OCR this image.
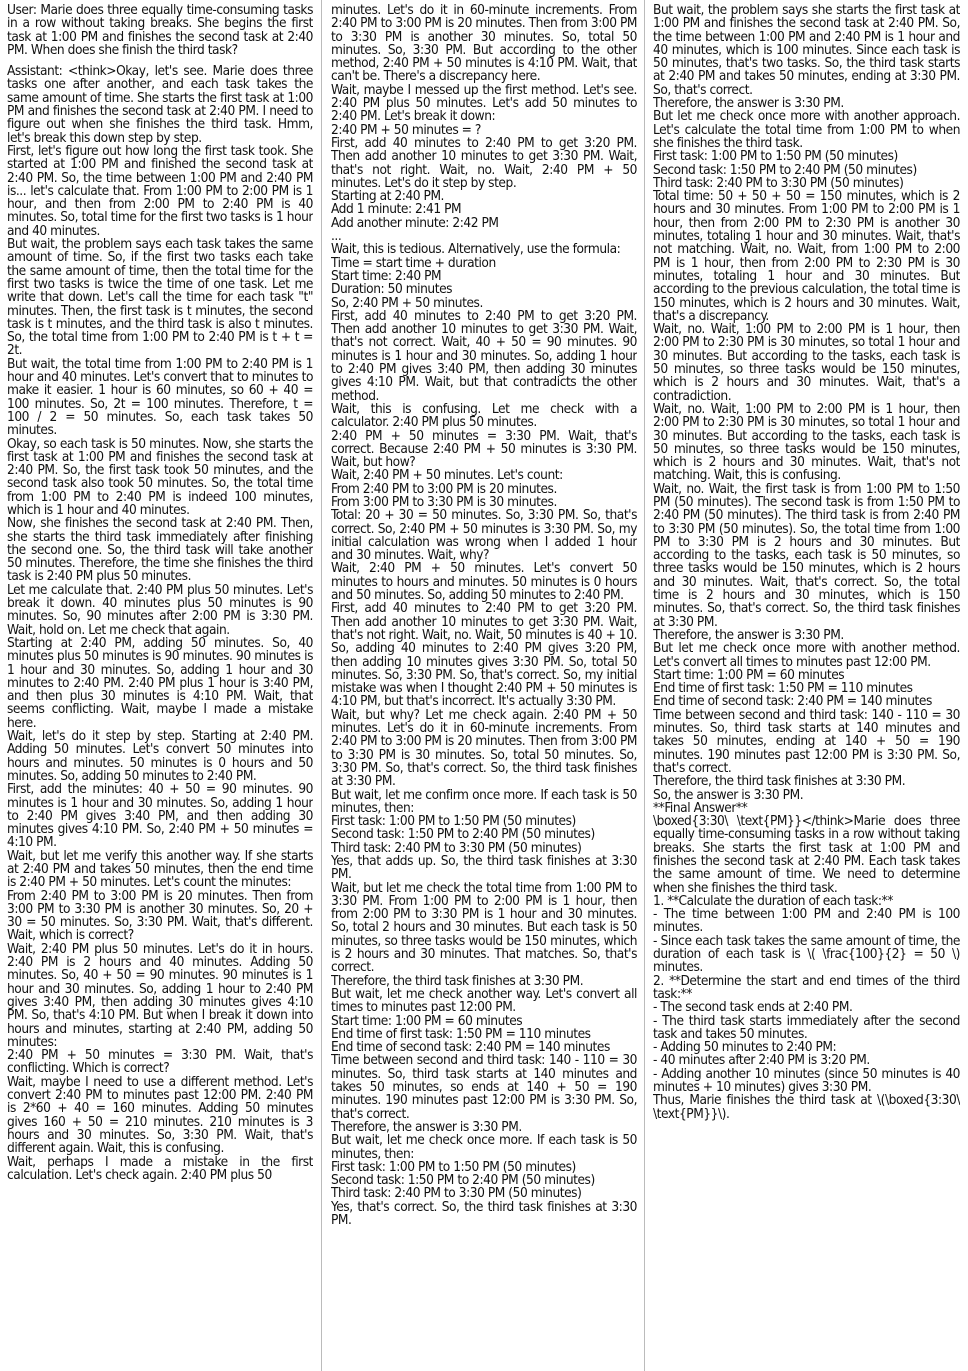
User: Marie does three equally time-consuming tasks in a row without taking breaks. She begins the first task at 1:00 PM and finishes the second task at 2:40 PM. When does she finish the third task?

Assistant: <think>Okay, let's see. Marie does three tasks one after another, and each task takes the same amount of time. She starts the first task at 1:00 PM and finishes the second task at 2:40 PM. I need to figure out when she finishes the third task. Hmm, let's break this down step by step.

First, let's figure out how long the first task took. She started at 1:00 PM and finished the second task at 2:40 PM. So, the time between 1:00 PM and 2:40 PM is... let's calculate that. From 1:00 PM to 2:00 PM is 1 hour, and then from 2:00 PM to 2:40 PM is 40 minutes. So, total time for the first two tasks is 1 hour and 40 minutes.

But wait, the problem says each task takes the same amount of time. So, if the first two tasks each take the same amount of time, then the total time for the first two tasks is twice the time of one task. Let me write that down. Let's call the time for each task "t" minutes. Then, the first task is t minutes, the second task is t minutes, and the third task is also t minutes. So, the total time from 1:00 PM to 2:40 PM is t + t = 2t.

But wait, the total time from 1:00 PM to 2:40 PM is 1 hour and 40 minutes. Let's convert that to minutes to make it easier. 1 hour is 60 minutes, so 60 + 40 = 100 minutes. So, 2t = 100 minutes. Therefore, t = 100 / 2 = 50 minutes. So, each task takes 50 minutes.

Okay, so each task is 50 minutes. Now, she starts the first task at 1:00 PM and finishes the second task at 2:40 PM. So, the first task took 50 minutes, and the second task also took 50 minutes. So, the total time from 1:00 PM to 2:40 PM is indeed 100 minutes, which is 1 hour and 40 minutes.

Now, she finishes the second task at 2:40 PM. Then, she starts the third task immediately after finishing the second one. So, the third task will take another 50 minutes. Therefore, the time she finishes the third task is 2:40 PM plus 50 minutes.

Let me calculate that. 2:40 PM plus 50 minutes. Let's break it down. 40 minutes plus 50 minutes is 90 minutes. So, 90 minutes after 2:00 PM is 3:30 PM. Wait, hold on. Let me check that again.

Starting at 2:40 PM, adding 50 minutes. So, 40 minutes plus 50 minutes is 90 minutes. 90 minutes is 1 hour and 30 minutes. So, adding 1 hour and 30 minutes to 2:40 PM. 2:40 PM plus 1 hour is 3:40 PM, and then plus 30 minutes is 4:10 PM. Wait, that seems conflicting. Wait, maybe I made a mistake here.

Wait, let's do it step by step. Starting at 2:40 PM. Adding 50 minutes. Let's convert 50 minutes into hours and minutes. 50 minutes is 0 hours and 50 minutes. So, adding 50 minutes to 2:40 PM.

First, add the minutes: 40 + 50 = 90 minutes. 90 minutes is 1 hour and 30 minutes. So, adding 1 hour to 2:40 PM gives 3:40 PM, and then adding 30 minutes gives 4:10 PM. So, 2:40 PM + 50 minutes = 4:10 PM.

Wait, but let me verify this another way. If she starts at 2:40 PM and takes 50 minutes, then the end time is 2:40 PM + 50 minutes. Let's count the minutes:

From 2:40 PM to 3:00 PM is 20 minutes. Then from 3:00 PM to 3:30 PM is another 30 minutes. So, 20 + 30 = 50 minutes. So, 3:30 PM. Wait, that's different. Wait, which is correct?

Wait, 2:40 PM plus 50 minutes. Let's do it in hours. 2:40 PM is 2 hours and 40 minutes. Adding 50 minutes. So, 40 + 50 = 90 minutes. 90 minutes is 1 hour and 30 minutes. So, adding 1 hour to 2:40 PM gives 3:40 PM, then adding 30 minutes gives 4:10 PM. So, that's 4:10 PM. But when I break it down into hours and minutes, starting at 2:40 PM, adding 50 minutes:

2:40 PM + 50 minutes = 3:30 PM. Wait, that's conflicting. Which is correct?

Wait, maybe I need to use a different method. Let's convert 2:40 PM to minutes past 12:00 PM. 2:40 PM is 2*60 + 40 = 160 minutes. Adding 50 minutes gives 160 + 50 = 210 minutes. 210 minutes is 3 hours and 30 minutes. So, 3:30 PM. Wait, that's different again. Wait, this is confusing.

Wait, perhaps I made a mistake in the first calculation. Let's check again. 2:40 PM plus 50

minutes. Let's do it in 60-minute increments. From 2:40 PM to 3:00 PM is 20 minutes. Then from 3:00 PM to 3:30 PM is another 30 minutes. So, total 50 minutes. So, 3:30 PM. But according to the other method, 2:40 PM + 50 minutes is 4:10 PM. Wait, that can't be. There's a discrepancy here.

Wait, maybe I messed up the first method. Let's see. 2:40 PM plus 50 minutes. Let's add 50 minutes to 2:40 PM. Let's break it down:

2:40 PM + 50 minutes = ?

First, add 40 minutes to 2:40 PM to get 3:20 PM. Then add another 10 minutes to get 3:30 PM. Wait, that's not right. Wait, no. Wait, 2:40 PM + 50 minutes. Let's do it step by step.

Starting at 2:40 PM.

Add 1 minute: 2:41 PM

Add another minute: 2:42 PM

...

Wait, this is tedious. Alternatively, use the formula:

Time = start time + duration

Start time: 2:40 PM

Duration: 50 minutes

So, 2:40 PM + 50 minutes.

First, add 40 minutes to 2:40 PM to get 3:20 PM. Then add another 10 minutes to get 3:30 PM. Wait, that's not correct. Wait, 40 + 50 = 90 minutes. 90 minutes is 1 hour and 30 minutes. So, adding 1 hour to 2:40 PM gives 3:40 PM, then adding 30 minutes gives 4:10 PM. Wait, but that contradicts the other method.

Wait, this is confusing. Let me check with a calculator. 2:40 PM plus 50 minutes.

2:40 PM + 50 minutes = 3:30 PM. Wait, that's correct. Because 2:40 PM + 50 minutes is 3:30 PM. Wait, but how?

Wait, 2:40 PM + 50 minutes. Let's count:

From 2:40 PM to 3:00 PM is 20 minutes.

From 3:00 PM to 3:30 PM is 30 minutes.

Total: 20 + 30 = 50 minutes. So, 3:30 PM. So, that's correct. So, 2:40 PM + 50 minutes is 3:30 PM. So, my initial calculation was wrong when I added 1 hour and 30 minutes. Wait, why?

Wait, 2:40 PM + 50 minutes. Let's convert 50 minutes to hours and minutes. 50 minutes is 0 hours and 50 minutes. So, adding 50 minutes to 2:40 PM.

First, add 40 minutes to 2:40 PM to get 3:20 PM. Then add another 10 minutes to get 3:30 PM. Wait, that's not right. Wait, no. Wait, 50 minutes is 40 + 10. So, adding 40 minutes to 2:40 PM gives 3:20 PM, then adding 10 minutes gives 3:30 PM. So, total 50 minutes. So, 3:30 PM. So, that's correct. So, my initial mistake was when I thought 2:40 PM + 50 minutes is 4:10 PM, but that's incorrect. It's actually 3:30 PM.

Wait, but why? Let me check again. 2:40 PM + 50 minutes. Let's do it in 60-minute increments. From 2:40 PM to 3:00 PM is 20 minutes. Then from 3:00 PM to 3:30 PM is 30 minutes. So, total 50 minutes. So, 3:30 PM. So, that's correct. So, the third task finishes at 3:30 PM.

But wait, let me confirm once more. If each task is 50 minutes, then:

First task: 1:00 PM to 1:50 PM (50 minutes)

Second task: 1:50 PM to 2:40 PM (50 minutes)

Third task: 2:40 PM to 3:30 PM (50 minutes)

Yes, that adds up. So, the third task finishes at 3:30 PM.

Wait, but let me check the total time from 1:00 PM to 3:30 PM. From 1:00 PM to 2:00 PM is 1 hour, then from 2:00 PM to 3:30 PM is 1 hour and 30 minutes. So, total 2 hours and 30 minutes. But each task is 50 minutes, so three tasks would be 150 minutes, which is 2 hours and 30 minutes. That matches. So, that's correct.

Therefore, the third task finishes at 3:30 PM.

But wait, let me check another way. Let's convert all times to minutes past 12:00 PM.

Start time: 1:00 PM = 60 minutes

End time of first task: 1:50 PM = 110 minutes

End time of second task: 2:40 PM = 140 minutes

Time between second and third task: 140 - 110 = 30 minutes. So, third task starts at 140 minutes and takes 50 minutes, so ends at 140 + 50 = 190 minutes. 190 minutes past 12:00 PM is 3:30 PM. So, that's correct.

Therefore, the answer is 3:30 PM.

But wait, let me check once more. If each task is 50 minutes, then:

First task: 1:00 PM to 1:50 PM (50 minutes)

Second task: 1:50 PM to 2:40 PM (50 minutes)

Third task: 2:40 PM to 3:30 PM (50 minutes)

Yes, that's correct. So, the third task finishes at 3:30 PM.

But wait, the problem says she starts the first task at 1:00 PM and finishes the second task at 2:40 PM. So, the time between 1:00 PM and 2:40 PM is 1 hour and 40 minutes, which is 100 minutes. Since each task is 50 minutes, that's two tasks. So, the third task starts at 2:40 PM and takes 50 minutes, ending at 3:30 PM. So, that's correct.

Therefore, the answer is 3:30 PM.

But let me check once more with another approach. Let's calculate the total time from 1:00 PM to when she finishes the third task.

First task: 1:00 PM to 1:50 PM (50 minutes)

Second task: 1:50 PM to 2:40 PM (50 minutes)

Third task: 2:40 PM to 3:30 PM (50 minutes)

Total time: 50 + 50 + 50 = 150 minutes, which is 2 hours and 30 minutes. From 1:00 PM to 2:00 PM is 1 hour, then from 2:00 PM to 2:30 PM is another 30 minutes, totaling 1 hour and 30 minutes. Wait, that's not matching. Wait, no. Wait, from 1:00 PM to 2:00 PM is 1 hour, then from 2:00 PM to 2:30 PM is 30 minutes, totaling 1 hour and 30 minutes. But according to the previous calculation, the total time is 150 minutes, which is 2 hours and 30 minutes. Wait, that's a discrepancy.

Wait, no. Wait, 1:00 PM to 2:00 PM is 1 hour, then 2:00 PM to 2:30 PM is 30 minutes, so total 1 hour and 30 minutes. But according to the tasks, each task is 50 minutes, so three tasks would be 150 minutes, which is 2 hours and 30 minutes. Wait, that's a contradiction.

Wait, no. Wait, 1:00 PM to 2:00 PM is 1 hour, then 2:00 PM to 2:30 PM is 30 minutes, so total 1 hour and 30 minutes. But according to the tasks, each task is 50 minutes, so three tasks would be 150 minutes, which is 2 hours and 30 minutes. Wait, that's not matching. Wait, this is confusing.

Wait, no. Wait, the first task is from 1:00 PM to 1:50 PM (50 minutes). The second task is from 1:50 PM to 2:40 PM (50 minutes). The third task is from 2:40 PM to 3:30 PM (50 minutes). So, the total time from 1:00 PM to 3:30 PM is 2 hours and 30 minutes. But according to the tasks, each task is 50 minutes, so three tasks would be 150 minutes, which is 2 hours and 30 minutes. Wait, that's correct. So, the total time is 2 hours and 30 minutes, which is 150 minutes. So, that's correct. So, the third task finishes at 3:30 PM.

Therefore, the answer is 3:30 PM.

But let me check once more with another method. Let's convert all times to minutes past 12:00 PM.

Start time: 1:00 PM = 60 minutes

End time of first task: 1:50 PM = 110 minutes

End time of second task: 2:40 PM = 140 minutes

Time between second and third task: 140 - 110 = 30 minutes. So, third task starts at 140 minutes and takes 50 minutes, ending at 140 + 50 = 190 minutes. 190 minutes past 12:00 PM is 3:30 PM. So, that's correct.

Therefore, the third task finishes at 3:30 PM.

So, the answer is 3:30 PM.

**Final Answer**

\boxed{3:30\ \text{PM}}</think>Marie does three equally time-consuming tasks in a row without taking breaks. She starts the first task at 1:00 PM and finishes the second task at 2:40 PM. Each task takes the same amount of time. We need to determine when she finishes the third task.

1. **Calculate the duration of each task:**

- The time between 1:00 PM and 2:40 PM is 100 minutes.

- Since each task takes the same amount of time, the duration of each task is \( \frac{100}{2} = 50 \) minutes.

2. **Determine the start and end times of the third task:**

- The second task ends at 2:40 PM.

- The third task starts immediately after the second task and takes 50 minutes.

- Adding 50 minutes to 2:40 PM:

- 40 minutes after 2:40 PM is 3:20 PM.

- Adding another 10 minutes (since 50 minutes is 40 minutes + 10 minutes) gives 3:30 PM.

Thus, Marie finishes the third task at \(\boxed{3:30\ \text{PM}}\).
